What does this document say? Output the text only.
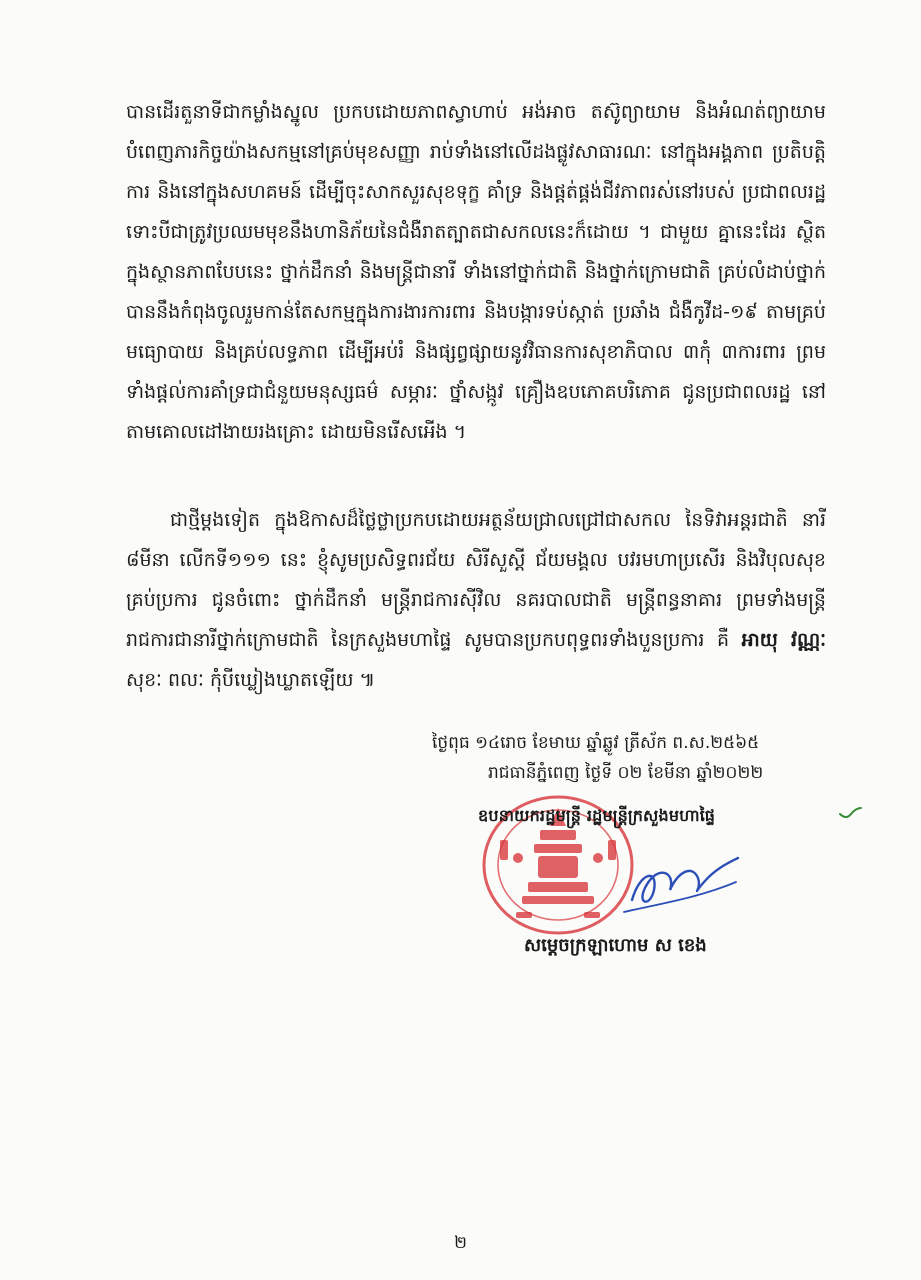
បានដើរតួនាទីជាកម្លាំងស្នូល ប្រកបដោយភាពស្វាហាប់ អង់អាច តស៊ូព្យាយាម និងអំណត់ព្យាយាម បំពេញភារកិច្ចយ៉ាងសកម្មនៅគ្រប់មុខសញ្ញា រាប់ទាំងនៅលើដងផ្លូវសាធារណៈ នៅក្នុងអង្គភាព ប្រតិបត្តិការ និងនៅក្នុងសហគមន៍ ដើម្បីចុះសាកសួរសុខទុក្ខ គាំទ្រ និងផ្តត់ផ្គង់ជីវភាពរស់នៅរបស់ ប្រជាពលរដ្ឋ ទោះបីជាត្រូវប្រឈមមុខនឹងហានិភ័យនៃជំងឺរាតត្បាតជាសកលនេះក៏ដោយ ។ ជាមួយ គ្នានេះដែរ ស្ថិតក្នុងស្ថានភាពបែបនេះ ថ្នាក់ដឹកនាំ និងមន្ត្រីជានារី ទាំងនៅថ្នាក់ជាតិ និងថ្នាក់ក្រោមជាតិ គ្រប់លំដាប់ថ្នាក់ បាននឹងកំពុងចូលរួមកាន់តែសកម្មក្នុងការងារការពារ និងបង្ការទប់ស្កាត់ ប្រឆាំង ជំងឺកូវីដ-១៩ តាមគ្រប់មធ្យោបាយ និងគ្រប់លទ្ធភាព ដើម្បីអប់រំ និងផ្សព្វផ្សាយនូវវិធានការសុខាភិបាល ៣កុំ ៣ការពារ ព្រមទាំងផ្តល់ការគាំទ្រជាជំនួយមនុស្សធម៌ សម្ភារៈ ថ្នាំសង្កូវ គ្រឿងឧបភោគបរិភោគ ជូនប្រជាពលរដ្ឋ នៅតាមគោលដៅងាយរងគ្រោះ ដោយមិនរើសអើង ។
ជាថ្មីម្តងទៀត ក្នុងឱកាសដ៏ថ្លៃថ្លាប្រកបដោយអត្ថន័យជ្រាលជ្រៅជាសកល នៃទិវាអន្តរជាតិ នារី ៨មីនា លើកទី១១១ នេះ ខ្ញុំសូមប្រសិទ្ធពរជ័យ សិរីសួស្តី ជ័យមង្គល បវរមហាប្រសើរ និងវិបុលសុខ គ្រប់ប្រការ ជូនចំពោះ ថ្នាក់ដឹកនាំ មន្ត្រីរាជការស៊ីវិល នគរបាលជាតិ មន្ត្រីពន្ធនាគារ ព្រមទាំងមន្ត្រី រាជការជានារីថ្នាក់ក្រោមជាតិ នៃក្រសួងមហាផ្ទៃ សូមបានប្រកបពុទ្ធពរទាំងបួនប្រការ គឺ អាយុ វណ្ណៈ សុខៈ ពលៈ កុំបីឃ្លៀងឃ្លាតឡើយ ៕
ថ្ងៃពុធ ១៤រោច ខែមាឃ ឆ្នាំឆ្លូវ ត្រីស័ក ព.ស.២៥៦៥
រាជធានីភ្នំពេញ ថ្ងៃទី ០២ ខែមីនា ឆ្នាំ២០២២
ឧបនាយករដ្ឋមន្ត្រី រដ្ឋមន្ត្រីក្រសួងមហាផ្ទៃ
សម្តេចក្រឡាហោម ស ខេង
២
